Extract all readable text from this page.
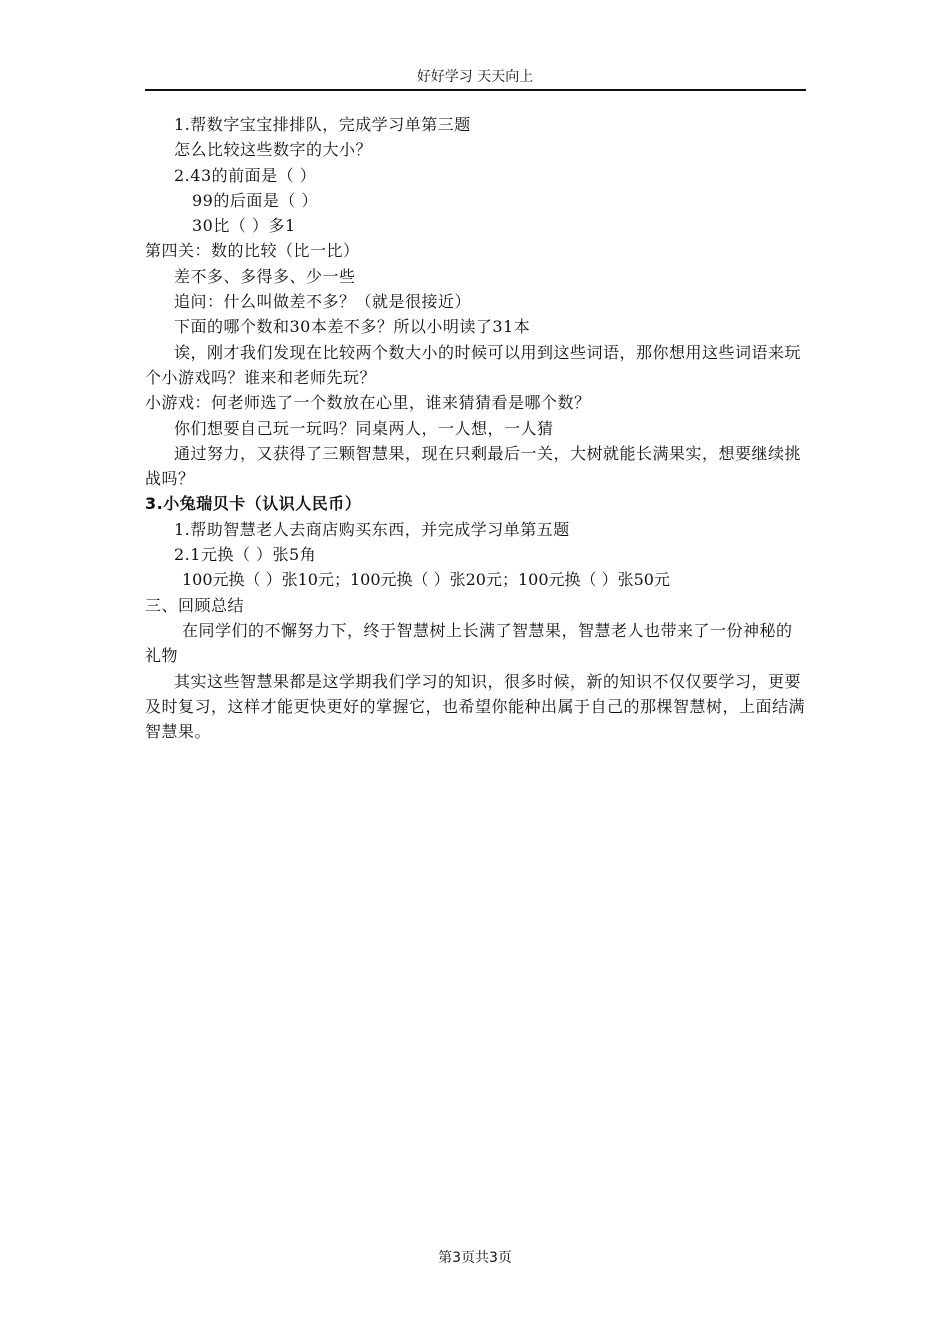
好好学习 天天向上
1.帮数字宝宝排排队，完成学习单第三题
怎么比较这些数字的大小？
2.43的前面是（ ）
99的后面是（ ）
30比（ ）多1
第四关：数的比较（比一比）
差不多、多得多、少一些
追问：什么叫做差不多？（就是很接近）
下面的哪个数和30本差不多？所以小明读了31本
诶，刚才我们发现在比较两个数大小的时候可以用到这些词语，那你想用这些词语来玩个小游戏吗？谁来和老师先玩？
小游戏：何老师选了一个数放在心里，谁来猜猜看是哪个数？
你们想要自己玩一玩吗？同桌两人，一人想，一人猜
通过努力，又获得了三颗智慧果，现在只剩最后一关，大树就能长满果实，想要继续挑战吗？
3.小兔瑞贝卡（认识人民币）
1.帮助智慧老人去商店购买东西，并完成学习单第五题
2.1元换（ ）张5角
100元换（ ）张10元；100元换（ ）张20元；100元换（ ）张50元
三、回顾总结
在同学们的不懈努力下，终于智慧树上长满了智慧果，智慧老人也带来了一份神秘的礼物
其实这些智慧果都是这学期我们学习的知识，很多时候，新的知识不仅仅要学习，更要及时复习，这样才能更快更好的掌握它，也希望你能种出属于自己的那棵智慧树，上面结满智慧果。
第3页共3页
